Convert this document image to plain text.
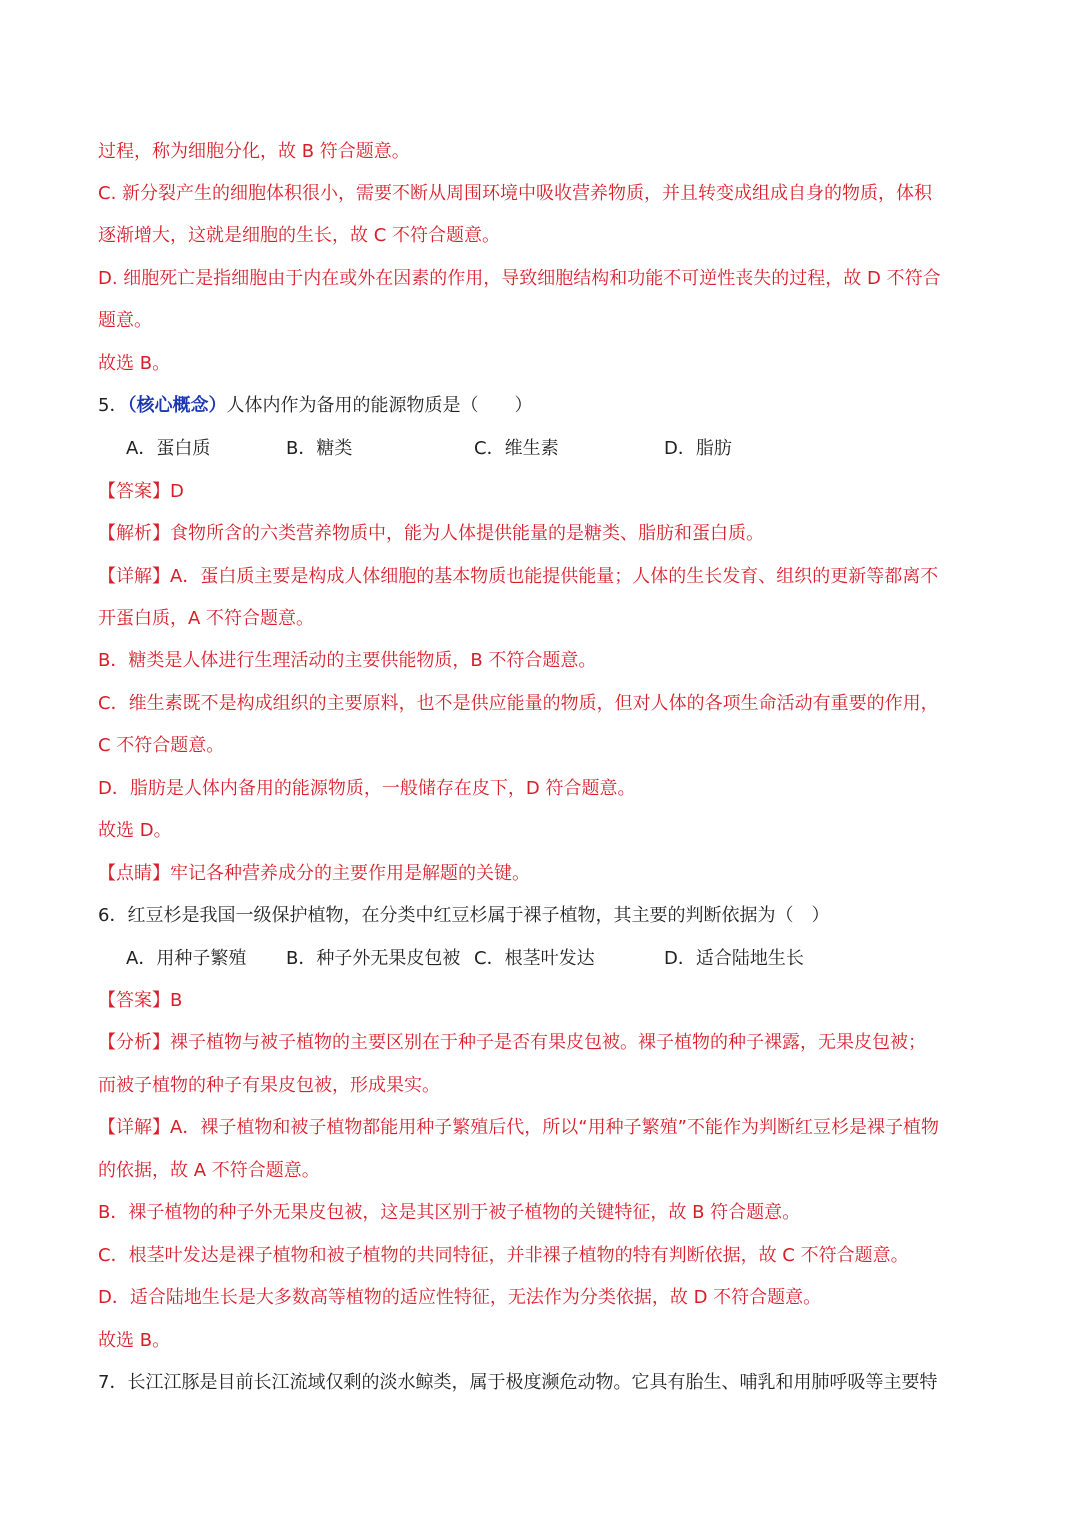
过程，称为细胞分化，故 B 符合题意。
C. 新分裂产生的细胞体积很小，需要不断从周围环境中吸收营养物质，并且转变成组成自身的物质，体积
逐渐增大，这就是细胞的生长，故 C 不符合题意。
D. 细胞死亡是指细胞由于内在或外在因素的作用，导致细胞结构和功能不可逆性丧失的过程，故 D 不符合
题意。
故选 B。
5．（核心概念）人体内作为备用的能源物质是（　　）
A．蛋白质	B．糖类	C．维生素	D．脂肪
【答案】D
【解析】食物所含的六类营养物质中，能为人体提供能量的是糖类、脂肪和蛋白质。
【详解】A．蛋白质主要是构成人体细胞的基本物质也能提供能量；人体的生长发育、组织的更新等都离不
开蛋白质，A 不符合题意。
B．糖类是人体进行生理活动的主要供能物质，B 不符合题意。
C．维生素既不是构成组织的主要原料，也不是供应能量的物质，但对人体的各项生命活动有重要的作用，
C 不符合题意。
D．脂肪是人体内备用的能源物质，一般储存在皮下，D 符合题意。
故选 D。
【点睛】牢记各种营养成分的主要作用是解题的关键。
6．红豆杉是我国一级保护植物，在分类中红豆杉属于裸子植物，其主要的判断依据为（　）
A．用种子繁殖 B．种子外无果皮包被 C．根茎叶发达	D．适合陆地生长
【答案】B
【分析】裸子植物与被子植物的主要区别在于种子是否有果皮包被。裸子植物的种子裸露，无果皮包被；
而被子植物的种子有果皮包被，形成果实。
【详解】A．裸子植物和被子植物都能用种子繁殖后代，所以“用种子繁殖”不能作为判断红豆杉是裸子植物
的依据，故 A 不符合题意。
B．裸子植物的种子外无果皮包被，这是其区别于被子植物的关键特征，故 B 符合题意。
C．根茎叶发达是裸子植物和被子植物的共同特征，并非裸子植物的特有判断依据，故 C 不符合题意。
D．适合陆地生长是大多数高等植物的适应性特征，无法作为分类依据，故 D 不符合题意。
故选 B。
7．长江江豚是目前长江流域仅剩的淡水鲸类，属于极度濒危动物。它具有胎生、哺乳和用肺呼吸等主要特
